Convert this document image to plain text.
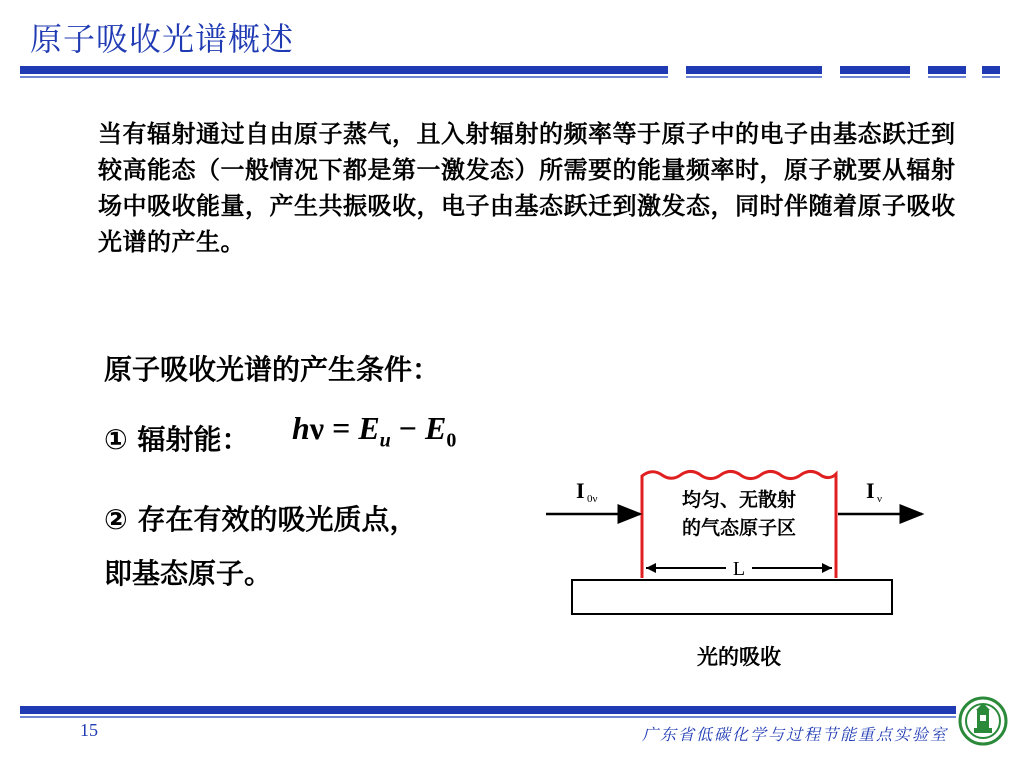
原子吸收光谱概述

当有辐射通过自由原子蒸气，且入射辐射的频率等于原子中的电子由基态跃迁到较高能态（一般情况下都是第一激发态）所需要的能量频率时，原子就要从辐射场中吸收能量，产生共振吸收，电子由基态跃迁到激发态，同时伴随着原子吸收光谱的产生。

原子吸收光谱的产生条件：

① 辐射能： $h\nu = E_u - E_0$

② 存在有效的吸光质点，

即基态原子。

I 0ν	I ν
均匀、无散射
的气态原子区
L
光的吸收
15	广东省低碳化学与过程节能重点实验室
